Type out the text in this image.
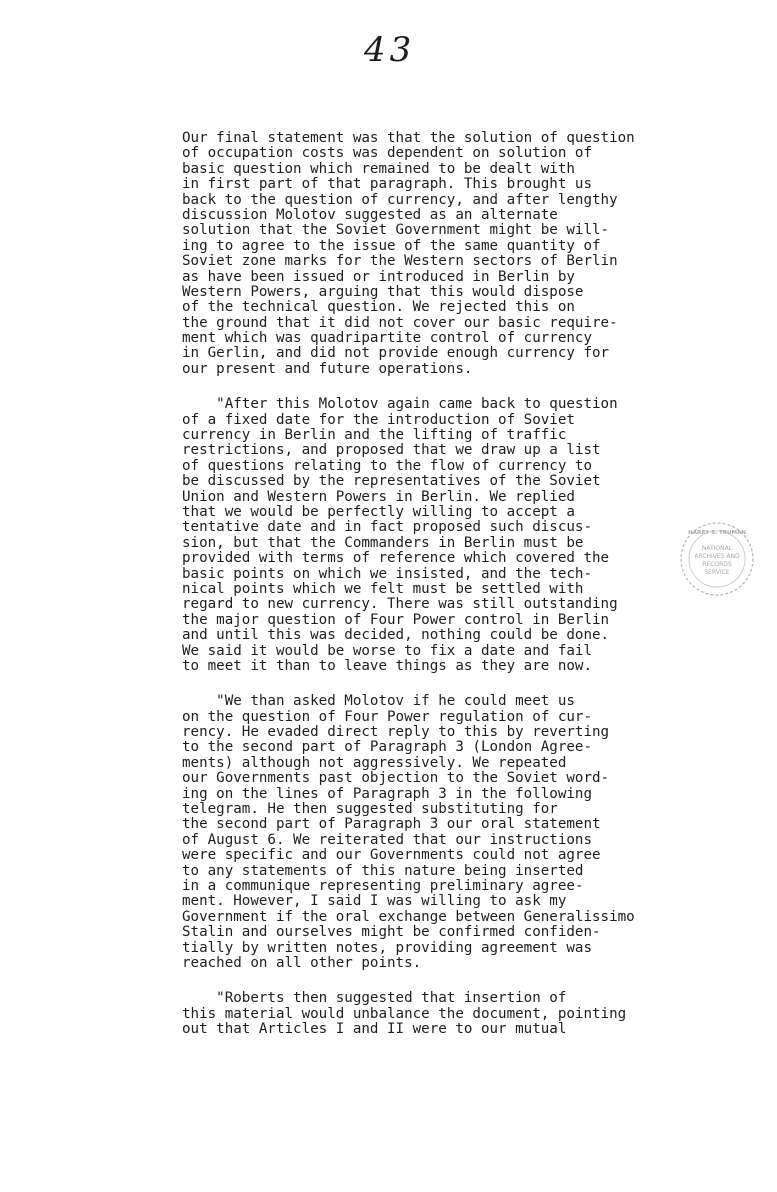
43
Our final statement was that the solution of question
of occupation costs was dependent on solution of
basic question which remained to be dealt with
in first part of that paragraph. This brought us
back to the question of currency, and after lengthy
discussion Molotov suggested as an alternate
solution that the Soviet Government might be will-
ing to agree to the issue of the same quantity of
Soviet zone marks for the Western sectors of Berlin
as have been issued or introduced in Berlin by
Western Powers, arguing that this would dispose
of the technical question. We rejected this on
the ground that it did not cover our basic require-
ment which was quadripartite control of currency
in Gerlin, and did not provide enough currency for
our present and future operations.
"After this Molotov again came back to question
of a fixed date for the introduction of Soviet
currency in Berlin and the lifting of traffic
restrictions, and proposed that we draw up a list
of questions relating to the flow of currency to
be discussed by the representatives of the Soviet
Union and Western Powers in Berlin. We replied
that we would be perfectly willing to accept a
tentative date and in fact proposed such discus-
sion, but that the Commanders in Berlin must be
provided with terms of reference which covered the
basic points on which we insisted, and the tech-
nical points which we felt must be settled with
regard to new currency. There was still outstanding
the major question of Four Power control in Berlin
and until this was decided, nothing could be done.
We said it would be worse to fix a date and fail
to meet it than to leave things as they are now.
"We than asked Molotov if he could meet us
on the question of Four Power regulation of cur-
rency. He evaded direct reply to this by reverting
to the second part of Paragraph 3 (London Agree-
ments) although not aggressively. We repeated
our Governments past objection to the Soviet word-
ing on the lines of Paragraph 3 in the following
telegram. He then suggested substituting for
the second part of Paragraph 3 our oral statement
of August 6. We reiterated that our instructions
were specific and our Governments could not agree
to any statements of this nature being inserted
in a communique representing preliminary agree-
ment. However, I said I was willing to ask my
Government if the oral exchange between Generalissimo
Stalin and ourselves might be confirmed confiden-
tially by written notes, providing agreement was
reached on all other points.
"Roberts then suggested that insertion of
this material would unbalance the document, pointing
out that Articles I and II were to our mutual
NATIONAL
ARCHIVES AND
RECORDS
SERVICE
HARRY S. TRUMAN
